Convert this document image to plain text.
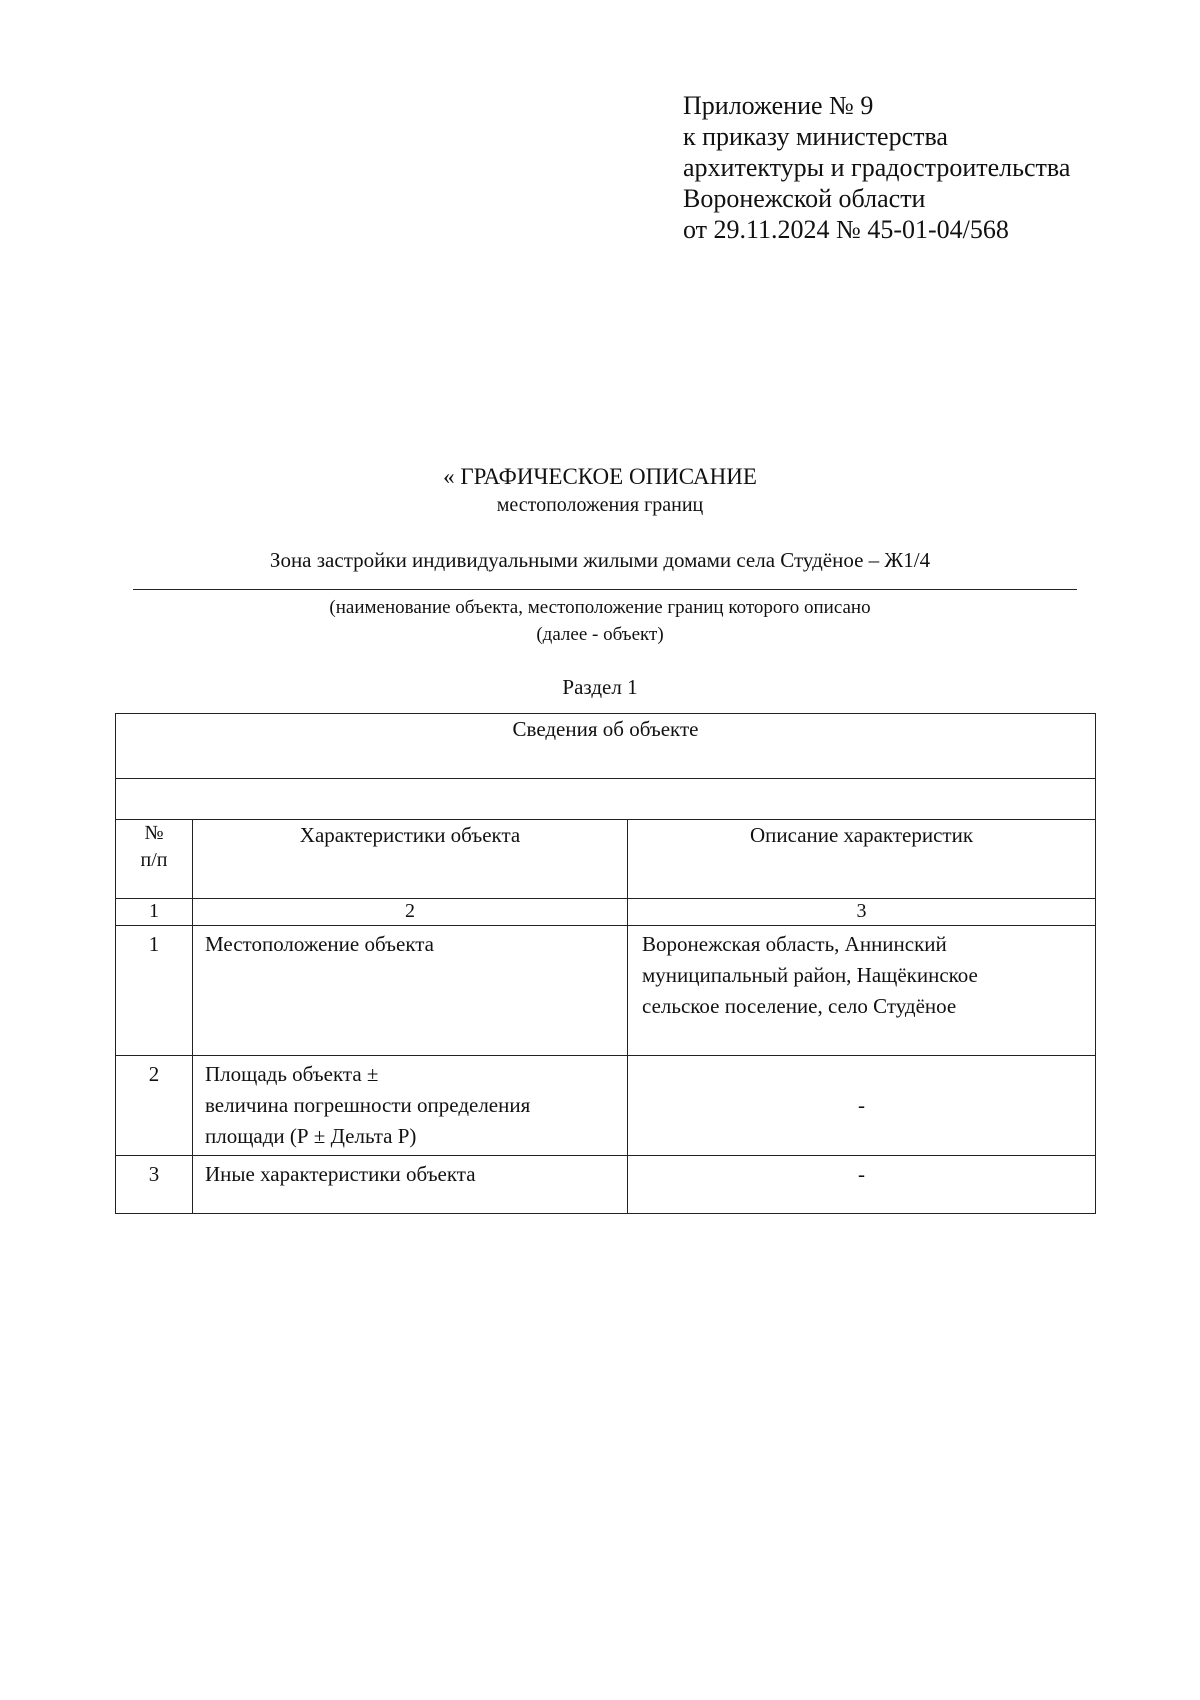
Приложение № 9
к приказу министерства
архитектуры и градостроительства
Воронежской области
от 29.11.2024 № 45-01-04/568
« ГРАФИЧЕСКОЕ ОПИСАНИЕ
местоположения границ
Зона застройки индивидуальными жилыми домами села Студёное – Ж1/4
(наименование объекта, местоположение границ которого описано
(далее - объект)
Раздел 1
Сведения об объекте		

№
п/п	Характеристики объекта	Описание характеристик
1	2	3
1	Местоположение объекта	Воронежская область, Аннинский
муниципальный район, Нащёкинское
сельское поселение, село Студёное

2	Площадь объекта ±
величина погрешности определения
площади (Р ± Дельта Р)	-
3	Иные характеристики объекта	-
